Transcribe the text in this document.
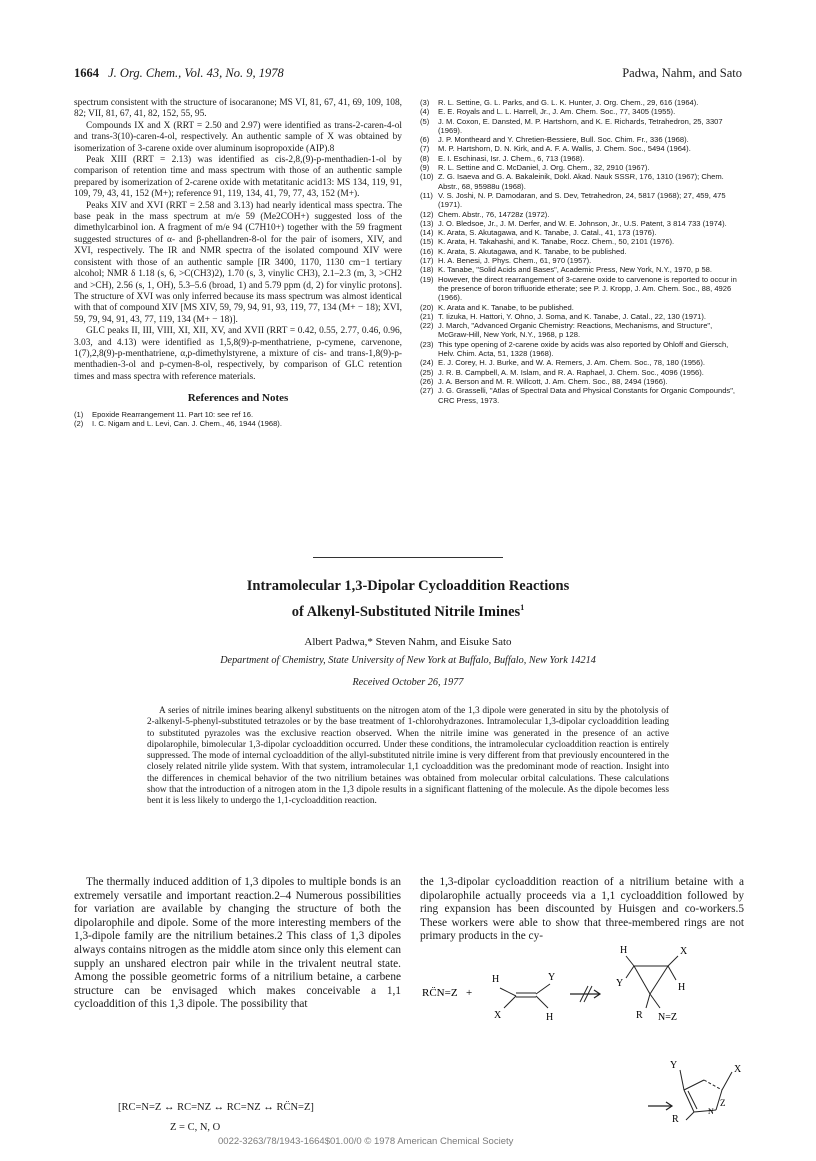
1664 J. Org. Chem., Vol. 43, No. 9, 1978	Padwa, Nahm, and Sato

spectrum consistent with the structure of isocaranone; MS VI, 81, 67, 41, 69, 109, 108, 82; VII, 81, 67, 41, 82, 152, 55, 95.

Compounds IX and X (RRT = 2.50 and 2.97) were identified as trans-2-caren-4-ol and trans-3(10)-caren-4-ol, respectively. An authentic sample of X was obtained by isomerization of 3-carene oxide over aluminum isopropoxide (AIP).8

Peak XIII (RRT = 2.13) was identified as cis-2,8,(9)-p-menthadien-1-ol by comparison of retention time and mass spectrum with those of an authentic sample prepared by isomerization of 2-carene oxide with metatitanic acid13: MS 134, 119, 91, 109, 79, 43, 41, 152 (M+); reference 91, 119, 134, 41, 79, 77, 43, 152 (M+).

Peaks XIV and XVI (RRT = 2.58 and 3.13) had nearly identical mass spectra. The base peak in the mass spectrum at m/e 59 (Me2COH+) suggested loss of the dimethylcarbinol ion. A fragment of m/e 94 (C7H10+) together with the 59 fragment suggested structures of α- and β-phellandren-8-ol for the pair of isomers, XIV, and XVI, respectively. The IR and NMR spectra of the isolated compound XIV were consistent with those of an authentic sample [IR 3400, 1170, 1130 cm−1 tertiary alcohol; NMR δ 1.18 (s, 6, >C(CH3)2), 1.70 (s, 3, vinylic CH3), 2.1–2.3 (m, 3, >CH2 and >CH), 2.56 (s, 1, OH), 5.3–5.6 (broad, 1) and 5.79 ppm (d, 2) for vinylic protons]. The structure of XVI was only inferred because its mass spectrum was almost identical with that of compound XIV [MS XIV, 59, 79, 94, 91, 93, 119, 77, 134 (M+ − 18); XVI, 59, 79, 94, 91, 43, 77, 119, 134 (M+ − 18)].

GLC peaks II, III, VIII, XI, XII, XV, and XVII (RRT = 0.42, 0.55, 2.77, 0.46, 0.96, 3.03, and 4.13) were identified as 1,5,8(9)-p-menthatriene, p-cymene, carvenone, 1(7),2,8(9)-p-menthatriene, α,p-dimethylstyrene, a mixture of cis- and trans-1,8(9)-p-menthadien-3-ol and p-cymen-8-ol, respectively, by comparison of GLC retention times and mass spectra with reference materials.

References and Notes
(1)	Epoxide Rearrangement 11. Part 10: see ref 16.
(2)	I. C. Nigam and L. Levi, Can. J. Chem., 46, 1944 (1968).
(3)	R. L. Settine, G. L. Parks, and G. L. K. Hunter, J. Org. Chem., 29, 616 (1964).
(4)	E. E. Royals and L. L. Harrell, Jr., J. Am. Chem. Soc., 77, 3405 (1955).
(5)	J. M. Coxon, E. Dansted, M. P. Hartshorn, and K. E. Richards, Tetrahedron, 25, 3307 (1969).
(6)	J. P. Montheard and Y. Chretien-Bessiere, Bull. Soc. Chim. Fr., 336 (1968).
(7)	M. P. Hartshorn, D. N. Kirk, and A. F. A. Wallis, J. Chem. Soc., 5494 (1964).
(8)	E. I. Eschinasi, Isr. J. Chem., 6, 713 (1968).
(9)	R. L. Settine and C. McDaniel, J. Org. Chem., 32, 2910 (1967).
(10) Z. G. Isaeva and G. A. Bakaleinik, Dokl. Akad. Nauk SSSR, 176, 1310 (1967); Chem. Abstr., 68, 95988u (1968).
(11) V. S. Joshi, N. P. Damodaran, and S. Dev, Tetrahedron, 24, 5817 (1968); 27, 459, 475 (1971).
(12) Chem. Abstr., 76, 14728z (1972).
(13) J. O. Bledsoe, Jr., J. M. Derfer, and W. E. Johnson, Jr., U.S. Patent, 3 814 733 (1974).
(14) K. Arata, S. Akutagawa, and K. Tanabe, J. Catal., 41, 173 (1976).
(15) K. Arata, H. Takahashi, and K. Tanabe, Rocz. Chem., 50, 2101 (1976).
(16) K. Arata, S. Akutagawa, and K. Tanabe, to be published.
(17) H. A. Benesi, J. Phys. Chem., 61, 970 (1957).
(18) K. Tanabe, "Solid Acids and Bases", Academic Press, New York, N.Y., 1970, p 58.
(19) However, the direct rearrangement of 3-carene oxide to carvenone is reported to occur in the presence of boron trifluoride etherate; see P. J. Kropp, J. Am. Chem. Soc., 88, 4926 (1966).
(20) K. Arata and K. Tanabe, to be published.
(21) T. Iizuka, H. Hattori, Y. Ohno, J. Soma, and K. Tanabe, J. Catal., 22, 130 (1971).
(22) J. March, "Advanced Organic Chemistry: Reactions, Mechanisms, and Structure", McGraw-Hill, New York, N.Y., 1968, p 128.
(23) This type opening of 2-carene oxide by acids was also reported by Ohloff and Giersch, Helv. Chim. Acta, 51, 1328 (1968).
(24) E. J. Corey, H. J. Burke, and W. A. Remers, J. Am. Chem. Soc., 78, 180 (1956).
(25) J. R. B. Campbell, A. M. Islam, and R. A. Raphael, J. Chem. Soc., 4096 (1956).
(26) J. A. Berson and M. R. Willcott, J. Am. Chem. Soc., 88, 2494 (1966).
(27) J. G. Grasselli, "Atlas of Spectral Data and Physical Constants for Organic Compounds", CRC Press, 1973.
Intramolecular 1,3-Dipolar Cycloaddition Reactions
of Alkenyl-Substituted Nitrile Imines$^1$
Albert Padwa,* Steven Nahm, and Eisuke Sato
Department of Chemistry, State University of New York at Buffalo, Buffalo, New York 14214
Received October 26, 1977
A series of nitrile imines bearing alkenyl substituents on the nitrogen atom of the 1,3 dipole were generated in situ by the photolysis of 2-alkenyl-5-phenyl-substituted tetrazoles or by the base treatment of 1-chlorohydrazones. Intramolecular 1,3-dipolar cycloaddition leading to substituted pyrazoles was the exclusive reaction observed. When the nitrile imine was generated in the presence of an active dipolarophile, bimolecular 1,3-dipolar cycloaddition occurred. Under these conditions, the intramolecular cycloaddition reaction is entirely suppressed. The mode of internal cycloaddition of the allyl-substituted nitrile imine is very different from that previously encountered in the closely related nitrile ylide system. With that system, intramolecular 1,1 cycloaddition was the predominant mode of reaction. Insight into the differences in chemical behavior of the two nitrilium betaines was obtained from molecular orbital calculations. These calculations show that the introduction of a nitrogen atom in the 1,3 dipole results in a significant flattening of the molecule. As the dipole becomes less bent it is less likely to undergo the 1,1-cycloaddition reaction.
The thermally induced addition of 1,3 dipoles to multiple bonds is an extremely versatile and important reaction.2–4 Numerous possibilities for variation are available by changing the structure of both the dipolarophile and dipole. Some of the more interesting members of the 1,3-dipole family are the nitrilium betaines.2 This class of 1,3 dipoles always contains nitrogen as the middle atom since only this element can supply an unshared electron pair while in the trivalent neutral state. Among the possible geometric forms of a nitrilium betaine, a carbene structure can be envisaged which makes conceivable a 1,1 cycloaddition of this 1,3 dipole. The possibility that
the 1,3-dipolar cycloaddition reaction of a nitrilium betaine with a dipolarophile actually proceeds via a 1,1 cycloaddition followed by ring expansion has been discounted by Huisgen and co-workers.5 These workers were able to show that three-membered rings are not primary products in the cy-
[RC=N=Z ↔ RC=NZ ↔ RC=NZ ↔ RC̈N=Z]
Z = C, N, O
0022-3263/78/1943-1664$01.00/0 © 1978 American Chemical Society
RC̈N=Z +
H	Y
X	H
H	X
Y	H
R N=Z
Y	X
N
Z
R
